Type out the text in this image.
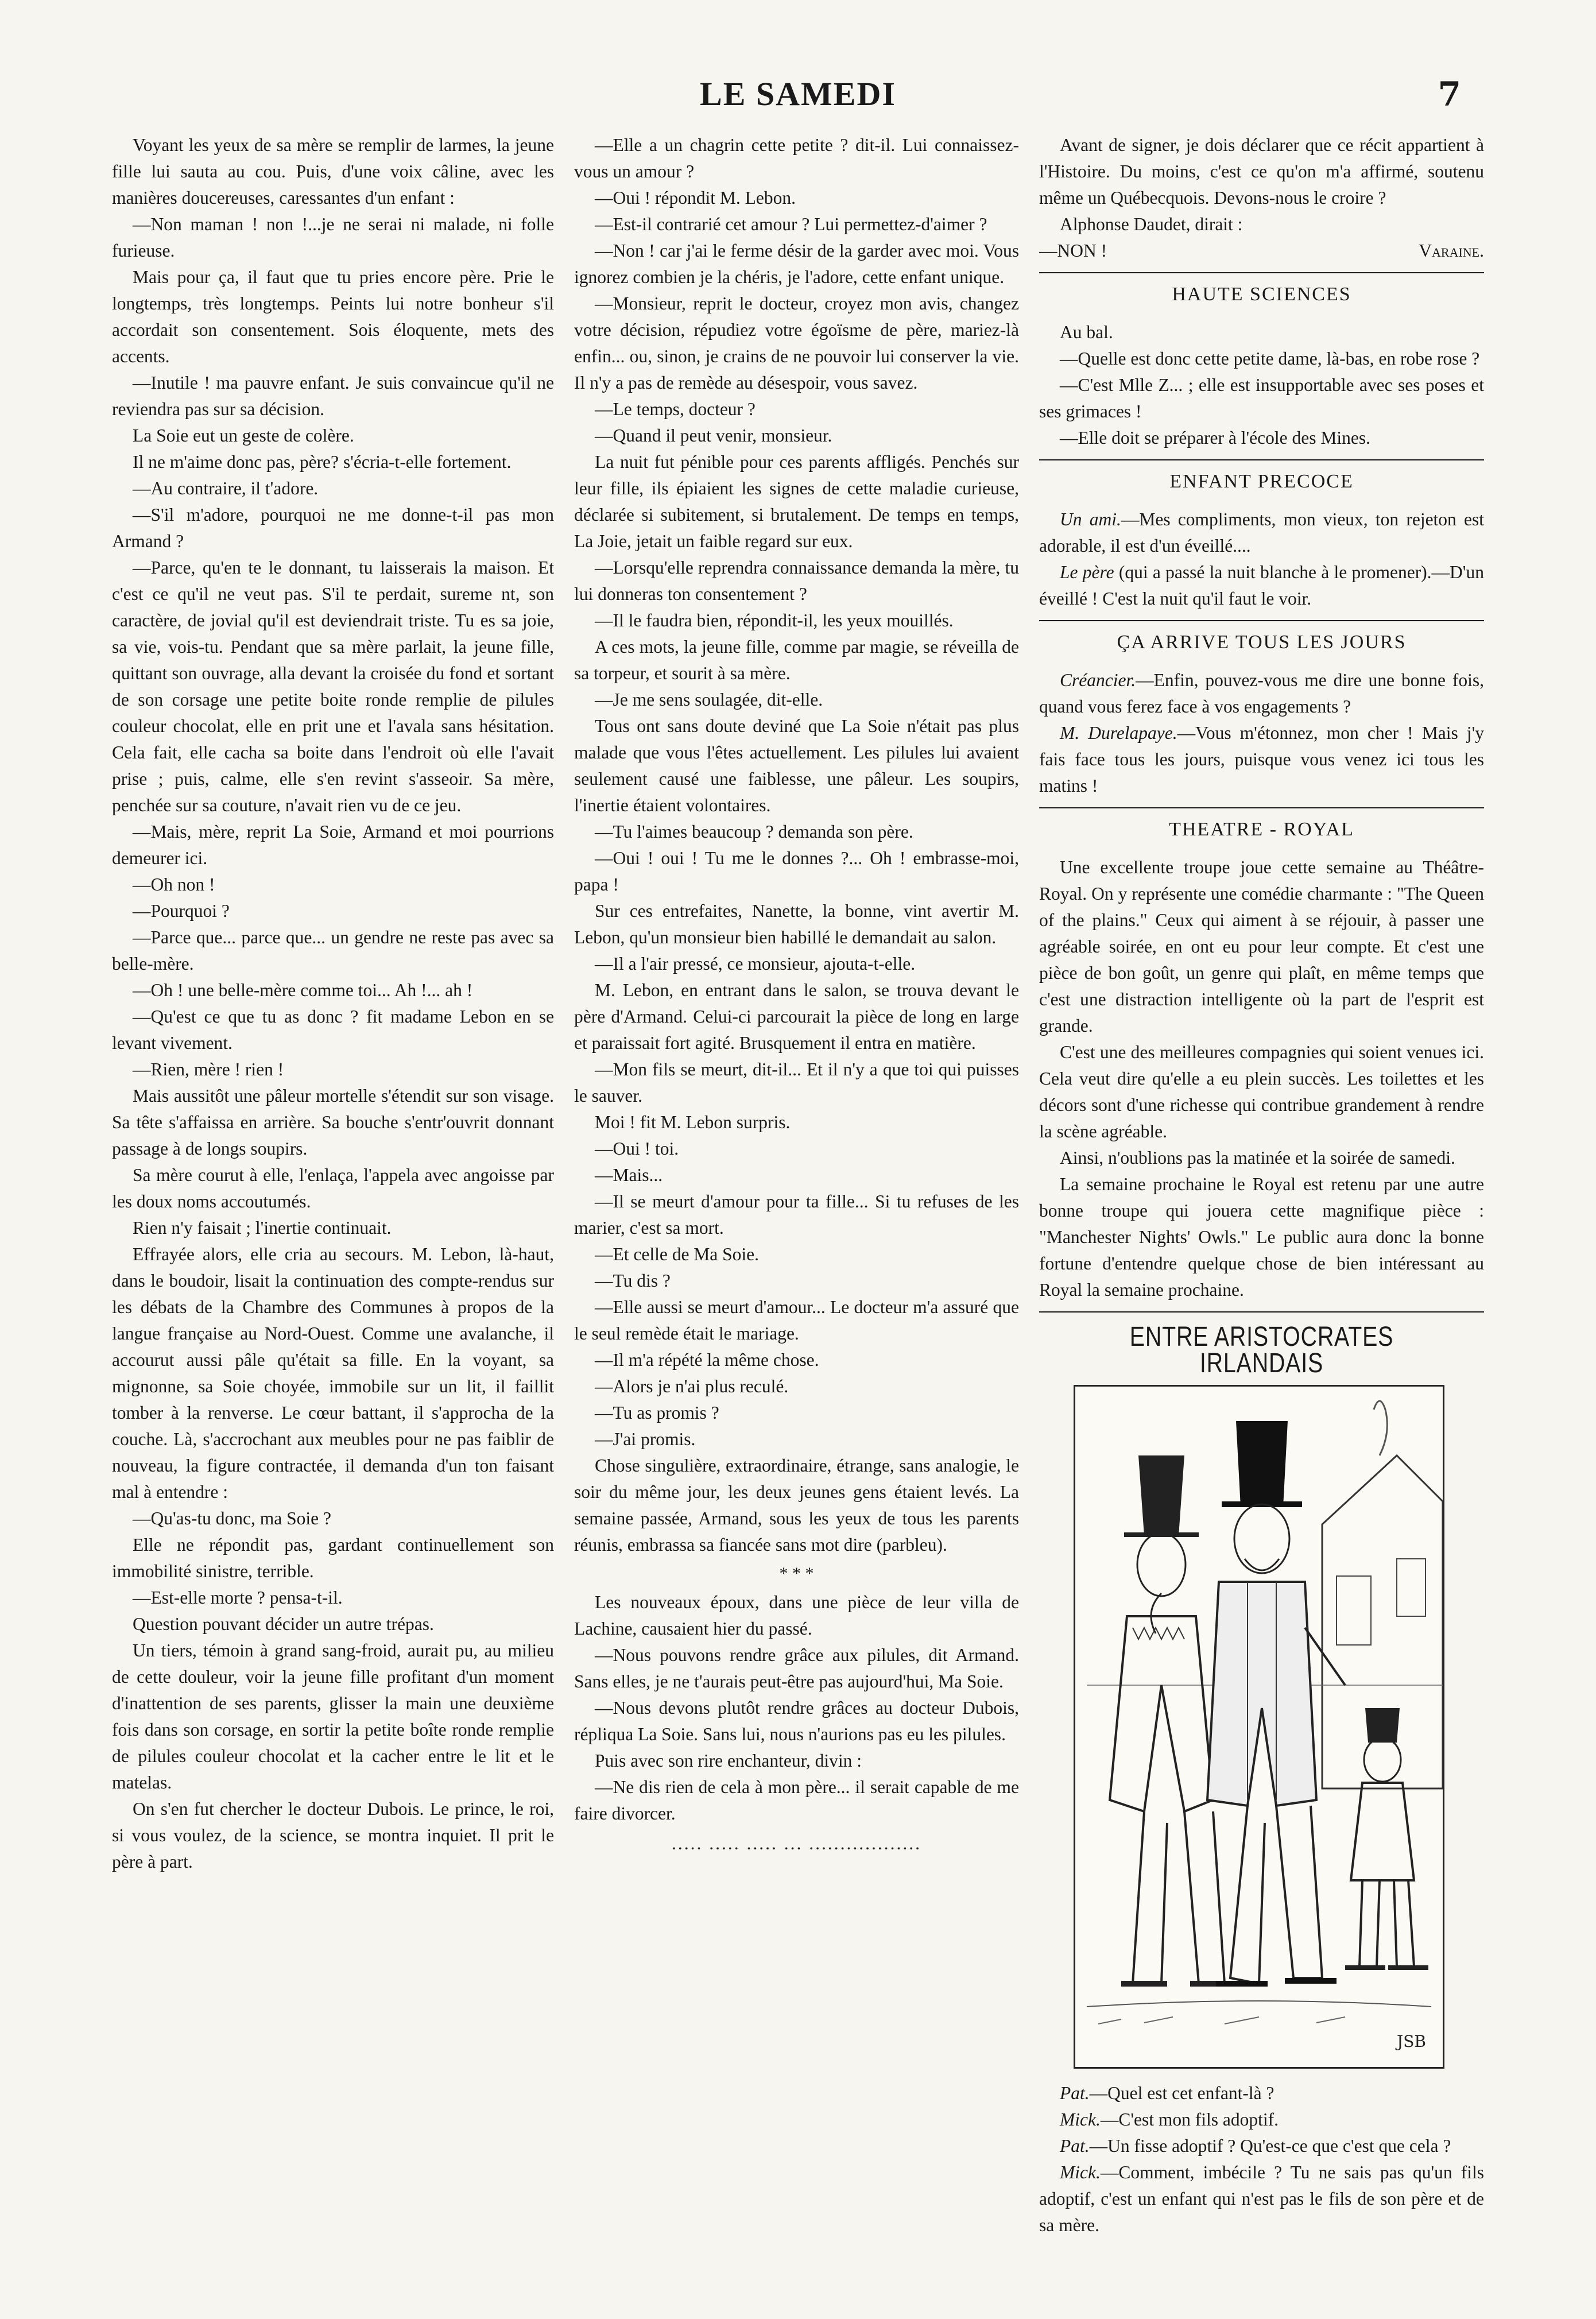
LE SAMEDI	7

Voyant les yeux de sa mère se remplir de larmes, la jeune fille lui sauta au cou. Puis, d'une voix câline, avec les manières doucereuses, caressantes d'un enfant :

—Non maman ! non !...je ne serai ni malade, ni folle furieuse.

Mais pour ça, il faut que tu pries encore père. Prie le longtemps, très longtemps. Peints lui notre bonheur s'il accordait son consentement. Sois éloquente, mets des accents.

—Inutile ! ma pauvre enfant. Je suis convaincue qu'il ne reviendra pas sur sa décision.

La Soie eut un geste de colère.

Il ne m'aime donc pas, père? s'écria-t-elle fortement.

—Au contraire, il t'adore.

—S'il m'adore, pourquoi ne me donne-t-il pas mon Armand ?

—Parce, qu'en te le donnant, tu laisserais la maison. Et c'est ce qu'il ne veut pas. S'il te perdait, sureme nt, son caractère, de jovial qu'il est deviendrait triste. Tu es sa joie, sa vie, vois-tu. Pendant que sa mère parlait, la jeune fille, quittant son ouvrage, alla devant la croisée du fond et sortant de son corsage une petite boite ronde remplie de pilules couleur chocolat, elle en prit une et l'avala sans hésitation. Cela fait, elle cacha sa boite dans l'endroit où elle l'avait prise ; puis, calme, elle s'en revint s'asseoir. Sa mère, penchée sur sa couture, n'avait rien vu de ce jeu.

—Mais, mère, reprit La Soie, Armand et moi pourrions demeurer ici.

—Oh non !

—Pourquoi ?

—Parce que... parce que... un gendre ne reste pas avec sa belle-mère.

—Oh ! une belle-mère comme toi... Ah !... ah !

—Qu'est ce que tu as donc ? fit madame Lebon en se levant vivement.

—Rien, mère ! rien !

Mais aussitôt une pâleur mortelle s'étendit sur son visage. Sa tête s'affaissa en arrière. Sa bouche s'entr'ouvrit donnant passage à de longs soupirs.

Sa mère courut à elle, l'enlaça, l'appela avec angoisse par les doux noms accoutumés.

Rien n'y faisait ; l'inertie continuait.

Effrayée alors, elle cria au secours. M. Lebon, là-haut, dans le boudoir, lisait la continuation des compte-rendus sur les débats de la Chambre des Communes à propos de la langue française au Nord-Ouest. Comme une avalanche, il accourut aussi pâle qu'était sa fille. En la voyant, sa mignonne, sa Soie choyée, immobile sur un lit, il faillit tomber à la renverse. Le cœur battant, il s'approcha de la couche. Là, s'accrochant aux meubles pour ne pas faiblir de nouveau, la figure contractée, il demanda d'un ton faisant mal à entendre :

—Qu'as-tu donc, ma Soie ?

Elle ne répondit pas, gardant continuellement son immobilité sinistre, terrible.

—Est-elle morte ? pensa-t-il.

Question pouvant décider un autre trépas.

Un tiers, témoin à grand sang-froid, aurait pu, au milieu de cette douleur, voir la jeune fille profitant d'un moment d'inattention de ses parents, glisser la main une deuxième fois dans son corsage, en sortir la petite boîte ronde remplie de pilules couleur chocolat et la cacher entre le lit et le matelas.

On s'en fut chercher le docteur Dubois. Le prince, le roi, si vous voulez, de la science, se montra inquiet. Il prit le père à part.

—Elle a un chagrin cette petite ? dit-il. Lui connaissez-vous un amour ?

—Oui ! répondit M. Lebon.

—Est-il contrarié cet amour ? Lui permettez-d'aimer ?

—Non ! car j'ai le ferme désir de la garder avec moi. Vous ignorez combien je la chéris, je l'adore, cette enfant unique.

—Monsieur, reprit le docteur, croyez mon avis, changez votre décision, répudiez votre égoïsme de père, mariez-là enfin... ou, sinon, je crains de ne pouvoir lui conserver la vie. Il n'y a pas de remède au désespoir, vous savez.

—Le temps, docteur ?

—Quand il peut venir, monsieur.

La nuit fut pénible pour ces parents affligés. Penchés sur leur fille, ils épiaient les signes de cette maladie curieuse, déclarée si subitement, si brutalement. De temps en temps, La Joie, jetait un faible regard sur eux.

—Lorsqu'elle reprendra connaissance demanda la mère, tu lui donneras ton consentement ?

—Il le faudra bien, répondit-il, les yeux mouillés.

A ces mots, la jeune fille, comme par magie, se réveilla de sa torpeur, et sourit à sa mère.

—Je me sens soulagée, dit-elle.

Tous ont sans doute deviné que La Soie n'était pas plus malade que vous l'êtes actuellement. Les pilules lui avaient seulement causé une faiblesse, une pâleur. Les soupirs, l'inertie étaient volontaires.

—Tu l'aimes beaucoup ? demanda son père.

—Oui ! oui ! Tu me le donnes ?... Oh ! embrasse-moi, papa !

Sur ces entrefaites, Nanette, la bonne, vint avertir M. Lebon, qu'un monsieur bien habillé le demandait au salon.

—Il a l'air pressé, ce monsieur, ajouta-t-elle.

M. Lebon, en entrant dans le salon, se trouva devant le père d'Armand. Celui-ci parcourait la pièce de long en large et paraissait fort agité. Brusquement il entra en matière.

—Mon fils se meurt, dit-il... Et il n'y a que toi qui puisses le sauver.

Moi ! fit M. Lebon surpris.

—Oui ! toi.

—Mais...

—Il se meurt d'amour pour ta fille... Si tu refuses de les marier, c'est sa mort.

—Et celle de Ma Soie.

—Tu dis ?

—Elle aussi se meurt d'amour... Le docteur m'a assuré que le seul remède était le mariage.

—Il m'a répété la même chose.

—Alors je n'ai plus reculé.

—Tu as promis ?

—J'ai promis.

Chose singulière, extraordinaire, étrange, sans analogie, le soir du même jour, les deux jeunes gens étaient levés. La semaine passée, Armand, sous les yeux de tous les parents réunis, embrassa sa fiancée sans mot dire (parbleu).

* * *

Les nouveaux époux, dans une pièce de leur villa de Lachine, causaient hier du passé.

—Nous pouvons rendre grâce aux pilules, dit Armand. Sans elles, je ne t'aurais peut-être pas aujourd'hui, Ma Soie.

—Nous devons plutôt rendre grâces au docteur Dubois, répliqua La Soie. Sans lui, nous n'aurions pas eu les pilules.

Puis avec son rire enchanteur, divin :

—Ne dis rien de cela à mon père... il serait capable de me faire divorcer.

..... ..... ..... ... ..................

Avant de signer, je dois déclarer que ce récit appartient à l'Histoire. Du moins, c'est ce qu'on m'a affirmé, soutenu même un Québecquois. Devons-nous le croire ?

Alphonse Daudet, dirait :

—NON !	Varaine.
HAUTE SCIENCES

Au bal.

—Quelle est donc cette petite dame, là-bas, en robe rose ?

—C'est Mlle Z... ; elle est insupportable avec ses poses et ses grimaces !

—Elle doit se préparer à l'école des Mines.

ENFANT PRECOCE

Un ami.—Mes compliments, mon vieux, ton rejeton est adorable, il est d'un éveillé....

Le père (qui a passé la nuit blanche à le promener).—D'un éveillé ! C'est la nuit qu'il faut le voir.

ÇA ARRIVE TOUS LES JOURS

Créancier.—Enfin, pouvez-vous me dire une bonne fois, quand vous ferez face à vos engagements ?

M. Durelapaye.—Vous m'étonnez, mon cher ! Mais j'y fais face tous les jours, puisque vous venez ici tous les matins !

THEATRE - ROYAL

Une excellente troupe joue cette semaine au Théâtre-Royal. On y représente une comédie charmante : "The Queen of the plains." Ceux qui aiment à se réjouir, à passer une agréable soirée, en ont eu pour leur compte. Et c'est une pièce de bon goût, un genre qui plaît, en même temps que c'est une distraction intelligente où la part de l'esprit est grande.

C'est une des meilleures compagnies qui soient venues ici. Cela veut dire qu'elle a eu plein succès. Les toilettes et les décors sont d'une richesse qui contribue grandement à rendre la scène agréable.

Ainsi, n'oublions pas la matinée et la soirée de samedi.

La semaine prochaine le Royal est retenu par une autre bonne troupe qui jouera cette magnifique pièce : "Manchester Nights' Owls." Le public aura donc la bonne fortune d'entendre quelque chose de bien intéressant au Royal la semaine prochaine.

ENTRE ARISTOCRATES IRLANDAIS
JSB

Pat.—Quel est cet enfant-là ?

Mick.—C'est mon fils adoptif.

Pat.—Un fisse adoptif ? Qu'est-ce que c'est que cela ?

Mick.—Comment, imbécile ? Tu ne sais pas qu'un fils adoptif, c'est un enfant qui n'est pas le fils de son père et de sa mère.
